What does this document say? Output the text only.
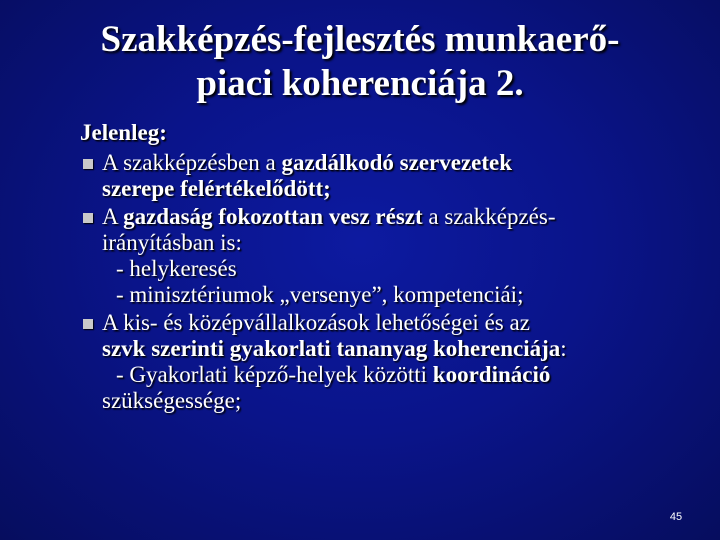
Szakképzés-fejlesztés munkaerő-
piaci koherenciája 2.

Jelenleg:

A szakképzésben a gazdálkodó szervezetek
szerepe felértékelődött;

A gazdaság fokozottan vesz részt a szakképzés-
irányításban is:
- helykeresés
- minisztériumok „versenye”, kompetenciái;

A kis- és középvállalkozások lehetőségei és az
szvk szerinti gyakorlati tananyag koherenciája:
- Gyakorlati képző-helyek közötti koordináció
szükségessége;

45
